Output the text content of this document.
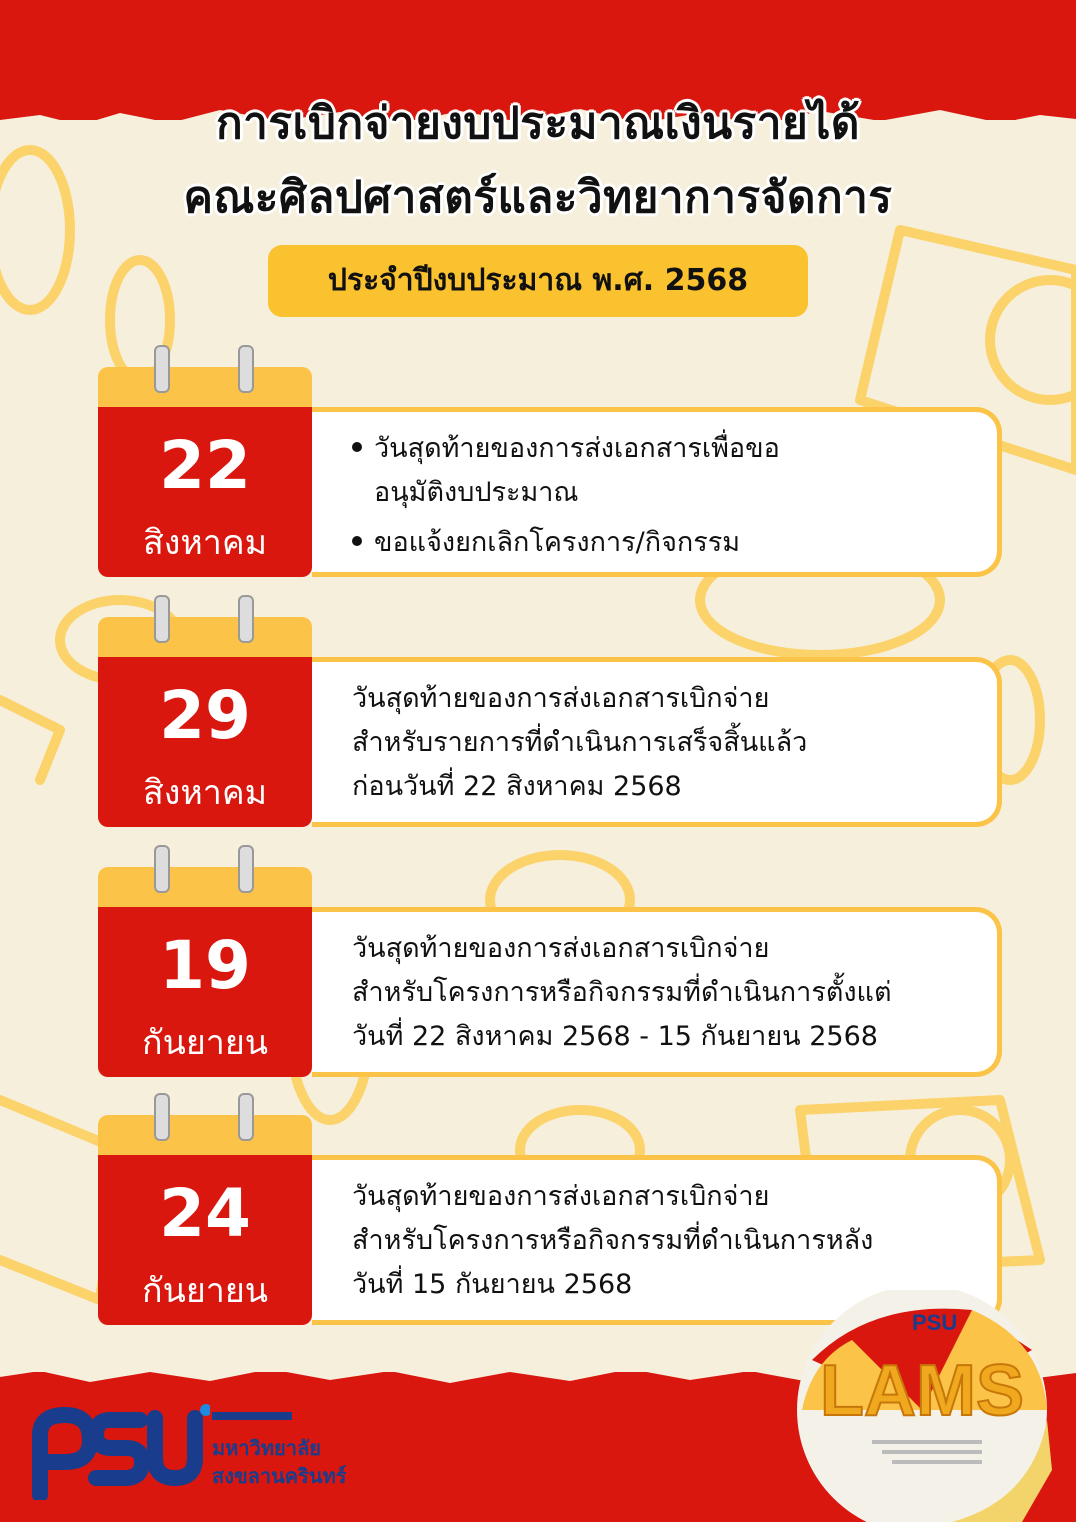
การเบิกจ่ายงบประมาณเงินรายได้
คณะศิลปศาสตร์และวิทยาการจัดการ
ประจำปีงบประมาณ พ.ศ. 2568
22
สิงหาคม
วันสุดท้ายของการส่งเอกสารเพื่อขอ
อนุมัติงบประมาณ
ขอแจ้งยกเลิกโครงการ/กิจกรรม
29
สิงหาคม
วันสุดท้ายของการส่งเอกสารเบิกจ่าย
สำหรับรายการที่ดำเนินการเสร็จสิ้นแล้ว
ก่อนวันที่ 22 สิงหาคม 2568
19
กันยายน
วันสุดท้ายของการส่งเอกสารเบิกจ่าย
สำหรับโครงการหรือกิจกรรมที่ดำเนินการตั้งแต่
วันที่ 22 สิงหาคม 2568 - 15 กันยายน 2568
24
กันยายน
วันสุดท้ายของการส่งเอกสารเบิกจ่าย
สำหรับโครงการหรือกิจกรรมที่ดำเนินการหลัง
วันที่ 15 กันยายน 2568
มหาวิทยาลัย
สงขลานครินทร์
PSU
LAMS
